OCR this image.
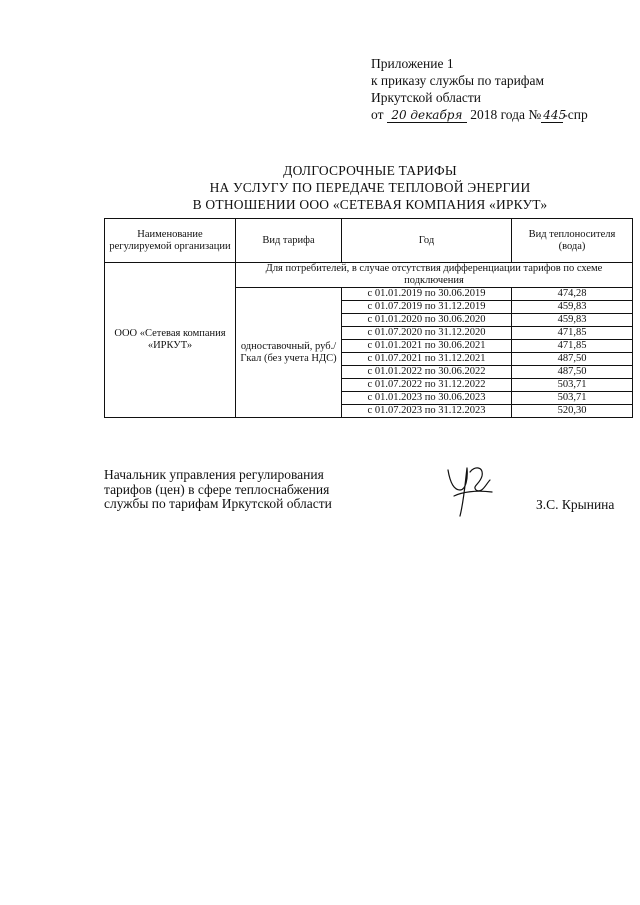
Приложение 1
к приказу службы по тарифам
Иркутской области
от 20 декабря 2018 года № 445-спр
ДОЛГОСРОЧНЫЕ ТАРИФЫ
НА УСЛУГУ ПО ПЕРЕДАЧЕ ТЕПЛОВОЙ ЭНЕРГИИ
В ОТНОШЕНИИ ООО «СЕТЕВАЯ КОМПАНИЯ «ИРКУТ»
Наименование регулируемой организации	Вид тарифа	Год	Вид теплоносителя (вода)
ООО «Сетевая компания «ИРКУТ»	Для потребителей, в случае отсутствия дифференциации тарифов по схеме подключения		
	одноставочный, руб./Гкал (без учета НДС)	с 01.01.2019 по 30.06.2019	474,28
		с 01.07.2019 по 31.12.2019	459,83
		с 01.01.2020 по 30.06.2020	459,83
		с 01.07.2020 по 31.12.2020	471,85
		с 01.01.2021 по 30.06.2021	471,85
		с 01.07.2021 по 31.12.2021	487,50
		с 01.01.2022 по 30.06.2022	487,50
		с 01.07.2022 по 31.12.2022	503,71
		с 01.01.2023 по 30.06.2023	503,71
		с 01.07.2023 по 31.12.2023	520,30
Начальник управления регулирования
тарифов (цен) в сфере теплоснабжения
службы по тарифам Иркутской области	З.С. Крынина
